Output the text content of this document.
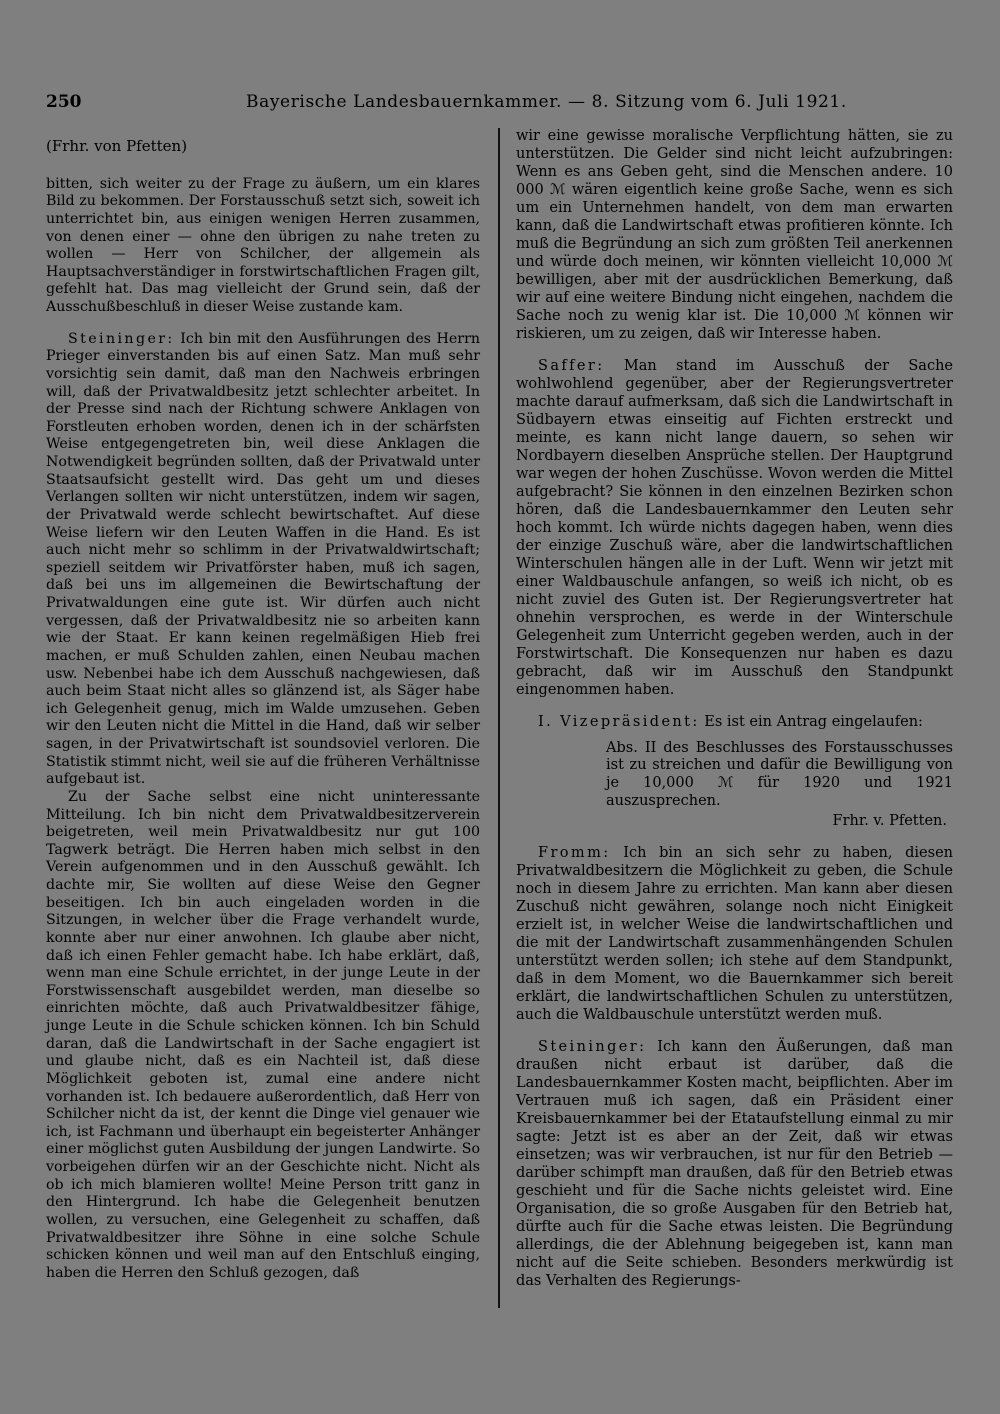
250	Bayerische Landesbauernkammer. — 8. Sitzung vom 6. Juli 1921.
(Frhr. von Pfetten)

bitten, sich weiter zu der Frage zu äußern, um ein klares Bild zu bekommen. Der Forstausschuß setzt sich, soweit ich unterrichtet bin, aus einigen wenigen Herren zusammen, von denen einer — ohne den übrigen zu nahe treten zu wollen — Herr von Schilcher, der allgemein als Hauptsachverständiger in forstwirtschaftlichen Fragen gilt, gefehlt hat. Das mag vielleicht der Grund sein, daß der Ausschußbeschluß in dieser Weise zustande kam.

Steininger: Ich bin mit den Ausführungen des Herrn Prieger einverstanden bis auf einen Satz. Man muß sehr vorsichtig sein damit, daß man den Nachweis erbringen will, daß der Privatwaldbesitz jetzt schlechter arbeitet. In der Presse sind nach der Richtung schwere Anklagen von Forstleuten erhoben worden, denen ich in der schärfsten Weise entgegengetreten bin, weil diese Anklagen die Notwendigkeit begründen sollten, daß der Privatwald unter Staatsaufsicht gestellt wird. Das geht um und dieses Verlangen sollten wir nicht unterstützen, indem wir sagen, der Privatwald werde schlecht bewirtschaftet. Auf diese Weise liefern wir den Leuten Waffen in die Hand. Es ist auch nicht mehr so schlimm in der Privatwaldwirtschaft; speziell seitdem wir Privatförster haben, muß ich sagen, daß bei uns im allgemeinen die Bewirtschaftung der Privatwaldungen eine gute ist. Wir dürfen auch nicht vergessen, daß der Privatwaldbesitz nie so arbeiten kann wie der Staat. Er kann keinen regelmäßigen Hieb frei machen, er muß Schulden zahlen, einen Neubau machen usw. Nebenbei habe ich dem Ausschuß nachgewiesen, daß auch beim Staat nicht alles so glänzend ist, als Säger habe ich Gelegenheit genug, mich im Walde umzusehen. Geben wir den Leuten nicht die Mittel in die Hand, daß wir selber sagen, in der Privatwirtschaft ist soundsoviel verloren. Die Statistik stimmt nicht, weil sie auf die früheren Verhältnisse aufgebaut ist.

Zu der Sache selbst eine nicht uninteressante Mitteilung. Ich bin nicht dem Privatwaldbesitzerverein beigetreten, weil mein Privatwaldbesitz nur gut 100 Tagwerk beträgt. Die Herren haben mich selbst in den Verein aufgenommen und in den Ausschuß gewählt. Ich dachte mir, Sie wollten auf diese Weise den Gegner beseitigen. Ich bin auch eingeladen worden in die Sitzungen, in welcher über die Frage verhandelt wurde, konnte aber nur einer anwohnen. Ich glaube aber nicht, daß ich einen Fehler gemacht habe. Ich habe erklärt, daß, wenn man eine Schule errichtet, in der junge Leute in der Forstwissenschaft ausgebildet werden, man dieselbe so einrichten möchte, daß auch Privatwaldbesitzer fähige, junge Leute in die Schule schicken können. Ich bin Schuld daran, daß die Landwirtschaft in der Sache engagiert ist und glaube nicht, daß es ein Nachteil ist, daß diese Möglichkeit geboten ist, zumal eine andere nicht vorhanden ist. Ich bedauere außerordentlich, daß Herr von Schilcher nicht da ist, der kennt die Dinge viel genauer wie ich, ist Fachmann und überhaupt ein begeisterter Anhänger einer möglichst guten Ausbildung der jungen Landwirte. So vorbeigehen dürfen wir an der Geschichte nicht. Nicht als ob ich mich blamieren wollte! Meine Person tritt ganz in den Hintergrund. Ich habe die Gelegenheit benutzen wollen, zu versuchen, eine Gelegenheit zu schaffen, daß Privatwaldbesitzer ihre Söhne in eine solche Schule schicken können und weil man auf den Entschluß einging, haben die Herren den Schluß gezogen, daß

wir eine gewisse moralische Verpflichtung hätten, sie zu unterstützen. Die Gelder sind nicht leicht aufzubringen: Wenn es ans Geben geht, sind die Menschen andere. 10 000 ℳ wären eigentlich keine große Sache, wenn es sich um ein Unternehmen handelt, von dem man erwarten kann, daß die Landwirtschaft etwas profitieren könnte. Ich muß die Begründung an sich zum größten Teil anerkennen und würde doch meinen, wir könnten vielleicht 10,000 ℳ bewilligen, aber mit der ausdrücklichen Bemerkung, daß wir auf eine weitere Bindung nicht eingehen, nachdem die Sache noch zu wenig klar ist. Die 10,000 ℳ können wir riskieren, um zu zeigen, daß wir Interesse haben.

Saffer: Man stand im Ausschuß der Sache wohlwohlend gegenüber, aber der Regierungsvertreter machte darauf aufmerksam, daß sich die Landwirtschaft in Südbayern etwas einseitig auf Fichten erstreckt und meinte, es kann nicht lange dauern, so sehen wir Nordbayern dieselben Ansprüche stellen. Der Hauptgrund war wegen der hohen Zuschüsse. Wovon werden die Mittel aufgebracht? Sie können in den einzelnen Bezirken schon hören, daß die Landesbauernkammer den Leuten sehr hoch kommt. Ich würde nichts dagegen haben, wenn dies der einzige Zuschuß wäre, aber die landwirtschaftlichen Winterschulen hängen alle in der Luft. Wenn wir jetzt mit einer Waldbauschule anfangen, so weiß ich nicht, ob es nicht zuviel des Guten ist. Der Regierungsvertreter hat ohnehin versprochen, es werde in der Winterschule Gelegenheit zum Unterricht gegeben werden, auch in der Forstwirtschaft. Die Konsequenzen nur haben es dazu gebracht, daß wir im Ausschuß den Standpunkt eingenommen haben.

I. Vizepräsident: Es ist ein Antrag eingelaufen:

Abs. II des Beschlusses des Forstausschusses ist zu streichen und dafür die Bewilligung von je 10,000 ℳ für 1920 und 1921 auszusprechen.

Frhr. v. Pfetten.

Fromm: Ich bin an sich sehr zu haben, diesen Privatwaldbesitzern die Möglichkeit zu geben, die Schule noch in diesem Jahre zu errichten. Man kann aber diesen Zuschuß nicht gewähren, solange noch nicht Einigkeit erzielt ist, in welcher Weise die landwirtschaftlichen und die mit der Landwirtschaft zusammenhängenden Schulen unterstützt werden sollen; ich stehe auf dem Standpunkt, daß in dem Moment, wo die Bauernkammer sich bereit erklärt, die landwirtschaftlichen Schulen zu unterstützen, auch die Waldbauschule unterstützt werden muß.

Steininger: Ich kann den Äußerungen, daß man draußen nicht erbaut ist darüber, daß die Landesbauernkammer Kosten macht, beipflichten. Aber im Vertrauen muß ich sagen, daß ein Präsident einer Kreisbauernkammer bei der Etataufstellung einmal zu mir sagte: Jetzt ist es aber an der Zeit, daß wir etwas einsetzen; was wir verbrauchen, ist nur für den Betrieb — darüber schimpft man draußen, daß für den Betrieb etwas geschieht und für die Sache nichts geleistet wird. Eine Organisation, die so große Ausgaben für den Betrieb hat, dürfte auch für die Sache etwas leisten. Die Begründung allerdings, die der Ablehnung beigegeben ist, kann man nicht auf die Seite schieben. Besonders merkwürdig ist das Verhalten des Regierungs-
